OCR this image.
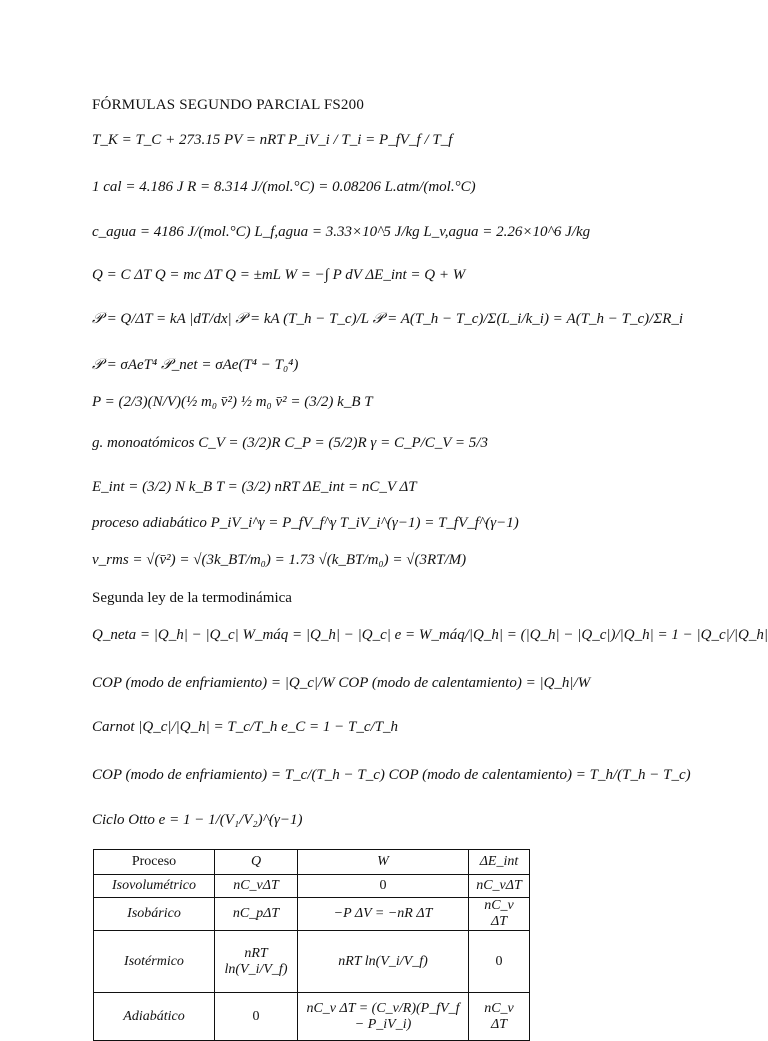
FÓRMULAS SEGUNDO PARCIAL FS200
T_K = T_C + 273.15 PV = nRT P_iV_i / T_i = P_fV_f / T_f
1 cal = 4.186 J R = 8.314 J/(mol.°C) = 0.08206 L.atm/(mol.°C)
c_agua = 4186 J/(mol.°C) L_f,agua = 3.33×10^5 J/kg L_v,agua = 2.26×10^6 J/kg
Q = C ΔT Q = mc ΔT Q = ±mL W = −∫ P dV ΔE_int = Q + W
𝒫 = Q/ΔT = kA |dT/dx| 𝒫 = kA (T_h − T_c)/L 𝒫 = A(T_h − T_c)/Σ(L_i/k_i) = A(T_h − T_c)/ΣR_i
𝒫 = σAeT⁴ 𝒫_net = σAe(T⁴ − T₀⁴)
P = (2/3)(N/V)(½ m₀ v̄²) ½ m₀ v̄² = (3/2) k_B T
g. monoatómicos C_V = (3/2)R C_P = (5/2)R γ = C_P/C_V = 5/3
E_int = (3/2) N k_B T = (3/2) nRT ΔE_int = nC_V ΔT
proceso adiabático P_iV_i^γ = P_fV_f^γ T_iV_i^(γ−1) = T_fV_f^(γ−1)
v_rms = √(v̄²) = √(3k_BT/m₀) = 1.73 √(k_BT/m₀) = √(3RT/M)
Segunda ley de la termodinámica
Q_neta = |Q_h| − |Q_c| W_máq = |Q_h| − |Q_c| e = W_máq/|Q_h| = (|Q_h| − |Q_c|)/|Q_h| = 1 − |Q_c|/|Q_h|
COP (modo de enfriamiento) = |Q_c|/W COP (modo de calentamiento) = |Q_h|/W
Carnot |Q_c|/|Q_h| = T_c/T_h e_C = 1 − T_c/T_h
COP (modo de enfriamiento) = T_c/(T_h − T_c) COP (modo de calentamiento) = T_h/(T_h − T_c)
Ciclo Otto e = 1 − 1/(V₁/V₂)^(γ−1)
Proceso	Q	W	ΔE_int
Isovolumétrico	nC_vΔT	0	nC_vΔT
Isobárico	nC_pΔT	−P ΔV = −nR ΔT	nC_v ΔT
Isotérmico	nRT ln(V_i/V_f)	nRT ln(V_i/V_f)	0
Adiabático	0	nC_v ΔT = (C_v/R)(P_fV_f − P_iV_i)	nC_v ΔT
